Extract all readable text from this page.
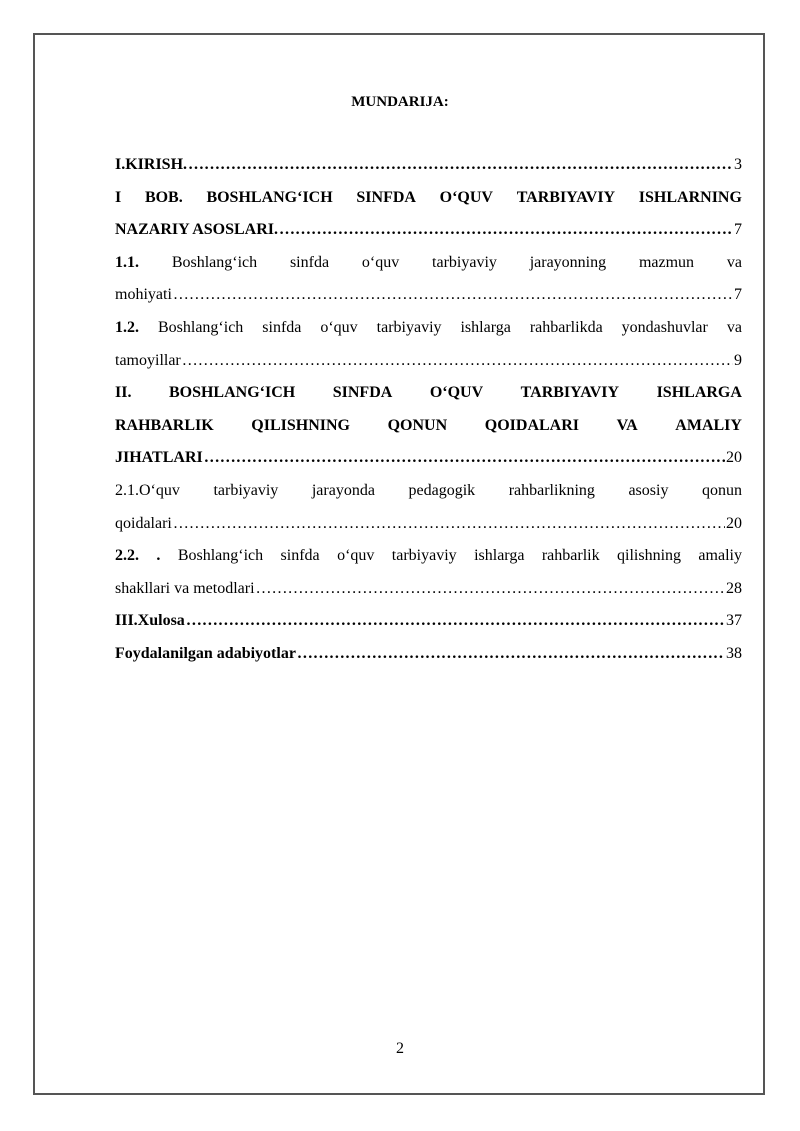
MUNDARIJA:
I.KIRISH. …………………………………………………………………………………………………………………………………………………………………………………………	3
I BOB. BOSHLANG‘ICH SINFDA O‘QUV TARBIYAVIY ISHLARNING
NAZARIY ASOSLARI. …………………………………………………………………………………………………………………………………………………………………………………………	7
1.1. Boshlang‘ich sinfda o‘quv tarbiyaviy jarayonning mazmun va
mohiyati …………………………………………………………………………………………………………………………………………………………………………………………	7
1.2. Boshlang‘ich sinfda o‘quv tarbiyaviy ishlarga rahbarlikda yondashuvlar va
tamoyillar …………………………………………………………………………………………………………………………………………………………………………………………	9
II. BOSHLANG‘ICH SINFDA O‘QUV TARBIYAVIY ISHLARGA
RAHBARLIK QILISHNING QONUN QOIDALARI VA AMALIY
JIHATLARI …………………………………………………………………………………………………………………………………………………………………………………………	20
2.1.O‘quv tarbiyaviy jarayonda pedagogik rahbarlikning asosiy qonun
qoidalari …………………………………………………………………………………………………………………………………………………………………………………………	20
2.2. . Boshlang‘ich sinfda o‘quv tarbiyaviy ishlarga rahbarlik qilishning amaliy
shakllari va metodlari …………………………………………………………………………………………………………………………………………………………………………………………	28
III.Xulosa …………………………………………………………………………………………………………………………………………………………………………………………	37
Foydalanilgan adabiyotlar …………………………………………………………………………………………………………………………………………………………………………………………	38
2
